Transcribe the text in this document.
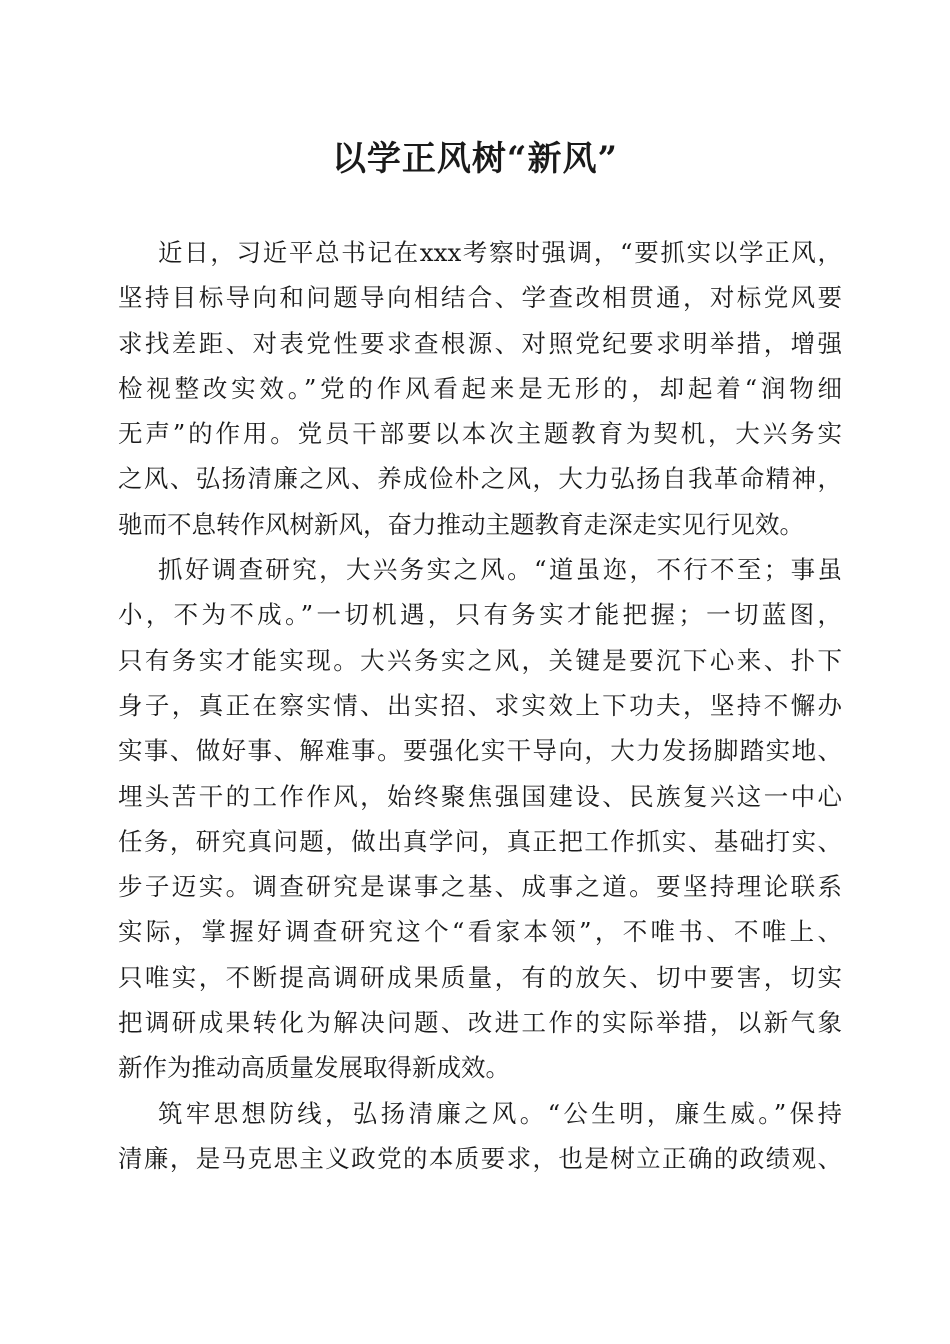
以学正风树“新风”
近日，习近平总书记在xxx考察时强调，“要抓实以学正风，
坚持目标导向和问题导向相结合、学查改相贯通，对标党风要
求找差距、对表党性要求查根源、对照党纪要求明举措，增强
检视整改实效。”党的作风看起来是无形的，却起着“润物细
无声”的作用。党员干部要以本次主题教育为契机，大兴务实
之风、弘扬清廉之风、养成俭朴之风，大力弘扬自我革命精神，
驰而不息转作风树新风，奋力推动主题教育走深走实见行见效。
抓好调查研究，大兴务实之风。“道虽迩，不行不至；事虽
小，不为不成。”一切机遇，只有务实才能把握；一切蓝图，
只有务实才能实现。大兴务实之风，关键是要沉下心来、扑下
身子，真正在察实情、出实招、求实效上下功夫，坚持不懈办
实事、做好事、解难事。要强化实干导向，大力发扬脚踏实地、
埋头苦干的工作作风，始终聚焦强国建设、民族复兴这一中心
任务，研究真问题，做出真学问，真正把工作抓实、基础打实、
步子迈实。调查研究是谋事之基、成事之道。要坚持理论联系
实际，掌握好调查研究这个“看家本领”，不唯书、不唯上、
只唯实，不断提高调研成果质量，有的放矢、切中要害，切实
把调研成果转化为解决问题、改进工作的实际举措，以新气象
新作为推动高质量发展取得新成效。
筑牢思想防线，弘扬清廉之风。“公生明，廉生威。”保持
清廉，是马克思主义政党的本质要求，也是树立正确的政绩观、
